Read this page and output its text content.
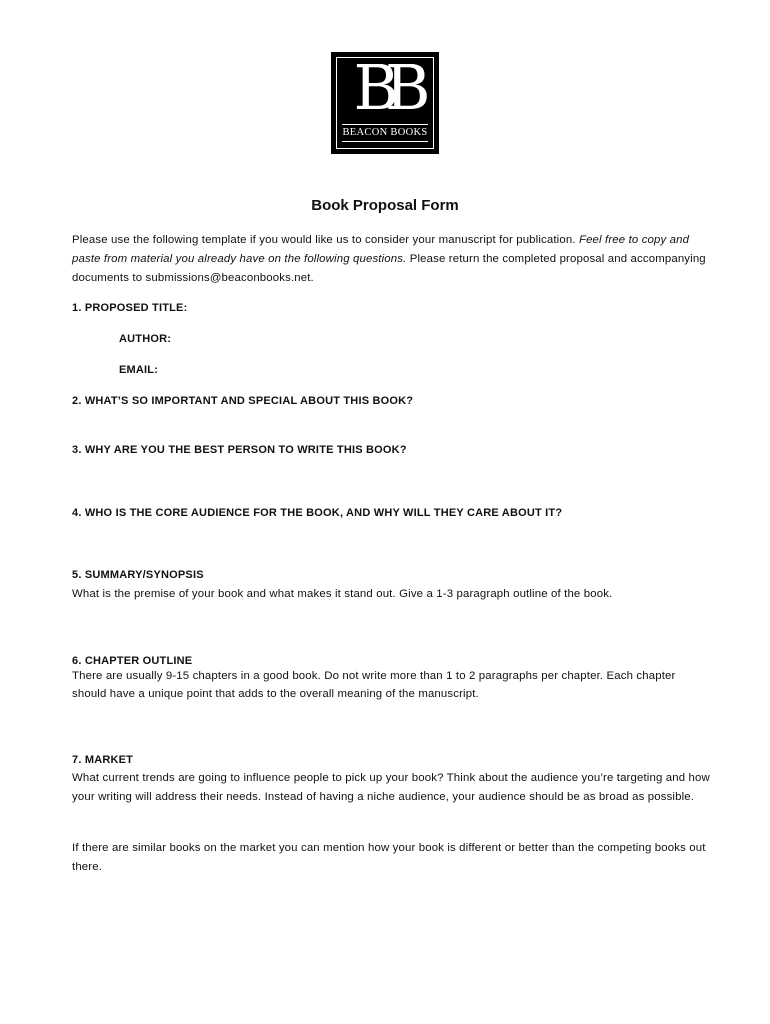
BB
BEACON BOOKS
Book Proposal Form
Please use the following template if you would like us to consider your manuscript for publication. Feel free to copy and paste from material you already have on the following questions. Please return the completed proposal and accompanying documents to submissions@beaconbooks.net.
1. PROPOSED TITLE:
AUTHOR:
EMAIL:
2. WHAT’S SO IMPORTANT AND SPECIAL ABOUT THIS BOOK?
3. WHY ARE YOU THE BEST PERSON TO WRITE THIS BOOK?
4. WHO IS THE CORE AUDIENCE FOR THE BOOK, AND WHY WILL THEY CARE ABOUT IT?
5. SUMMARY/SYNOPSIS
What is the premise of your book and what makes it stand out. Give a 1-3 paragraph outline of the book.
6. CHAPTER OUTLINE
There are usually 9-15 chapters in a good book. Do not write more than 1 to 2 paragraphs per chapter. Each chapter should have a unique point that adds to the overall meaning of the manuscript.
7. MARKET
What current trends are going to influence people to pick up your book? Think about the audience you’re targeting and how your writing will address their needs. Instead of having a niche audience, your audience should be as broad as possible.
If there are similar books on the market you can mention how your book is different or better than the competing books out there.
